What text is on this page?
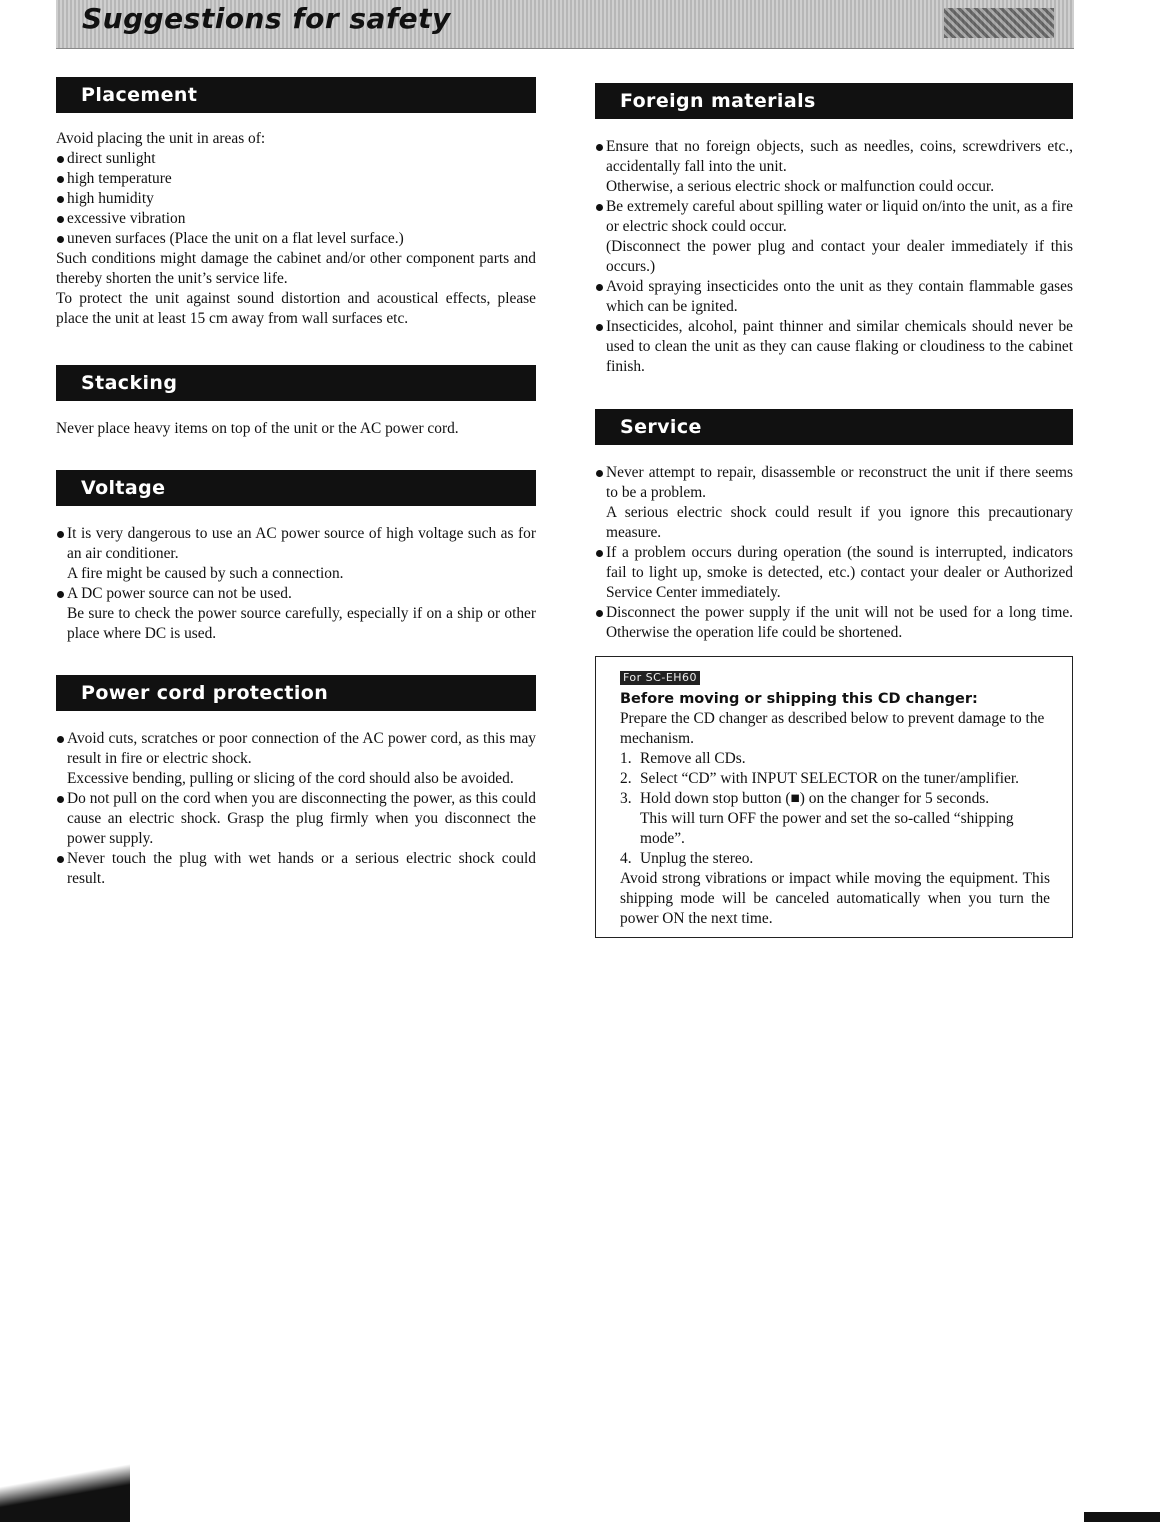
Suggestions for safety
Placement

Avoid placing the unit in areas of:

direct sunlight
high temperature
high humidity
excessive vibration
uneven surfaces (Place the unit on a flat level surface.)

Such conditions might damage the cabinet and/or other component parts and thereby shorten the unit’s service life.

To protect the unit against sound distortion and acoustical effects, please place the unit at least 15 cm away from wall surfaces etc.

Stacking

Never place heavy items on top of the unit or the AC power cord.

Voltage
It is very dangerous to use an AC power source of high voltage such as for an air conditioner.
A fire might be caused by such a connection.
A DC power source can not be used.
Be sure to check the power source carefully, especially if on a ship or other place where DC is used.
Power cord protection
Avoid cuts, scratches or poor connection of the AC power cord, as this may result in fire or electric shock.
Excessive bending, pulling or slicing of the cord should also be avoided.
Do not pull on the cord when you are disconnecting the power, as this could cause an electric shock. Grasp the plug firmly when you disconnect the power supply.
Never touch the plug with wet hands or a serious electric shock could result.
Foreign materials
Ensure that no foreign objects, such as needles, coins, screwdrivers etc., accidentally fall into the unit.
Otherwise, a serious electric shock or malfunction could occur.
Be extremely careful about spilling water or liquid on/into the unit, as a fire or electric shock could occur.
(Disconnect the power plug and contact your dealer immediately if this occurs.)
Avoid spraying insecticides onto the unit as they contain flammable gases which can be ignited.
Insecticides, alcohol, paint thinner and similar chemicals should never be used to clean the unit as they can cause flaking or cloudiness to the cabinet finish.
Service
Never attempt to repair, disassemble or reconstruct the unit if there seems to be a problem.
A serious electric shock could result if you ignore this precautionary measure.
If a problem occurs during operation (the sound is interrupted, indicators fail to light up, smoke is detected, etc.) contact your dealer or Authorized Service Center immediately.
Disconnect the power supply if the unit will not be used for a long time. Otherwise the operation life could be shortened.
For SC-EH60
Before moving or shipping this CD changer:

Prepare the CD changer as described below to prevent damage to the mechanism.

1. Remove all CDs.
2. Select “CD” with INPUT SELECTOR on the tuner/amplifier.
3. Hold down stop button (■) on the changer for 5 seconds.
This will turn OFF the power and set the so-called “shipping mode”.
4. Unplug the stereo.

Avoid strong vibrations or impact while moving the equipment. This shipping mode will be canceled automatically when you turn the power ON the next time.
